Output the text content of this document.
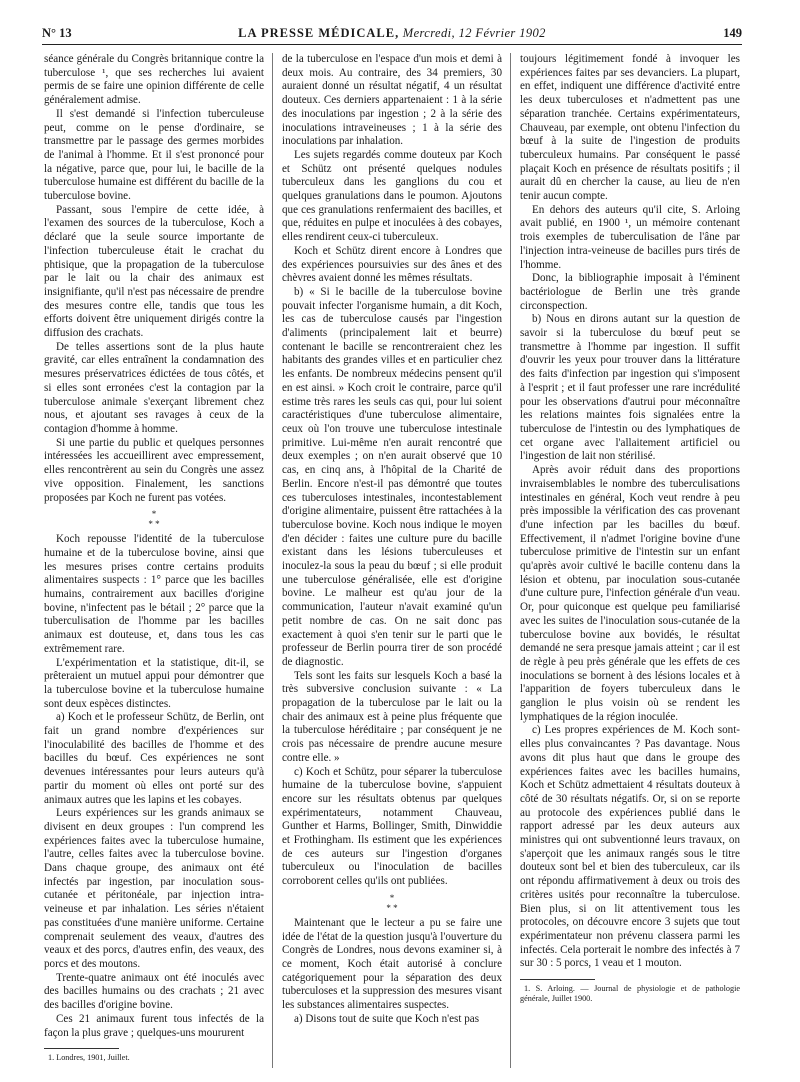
N° 13	LA PRESSE MÉDICALE, Mercredi, 12 Février 1902	149

séance générale du Congrès britannique contre la tuberculose ¹, que ses recherches lui avaient permis de se faire une opinion différente de celle généralement admise.

Il s'est demandé si l'infection tuberculeuse peut, comme on le pense d'ordinaire, se transmettre par le passage des germes morbides de l'animal à l'homme. Et il s'est prononcé pour la négative, parce que, pour lui, le bacille de la tuberculose humaine est différent du bacille de la tuberculose bovine.

Passant, sous l'empire de cette idée, à l'examen des sources de la tuberculose, Koch a déclaré que la seule source importante de l'infection tuberculeuse était le crachat du phtisique, que la propagation de la tuberculose par le lait ou la chair des animaux est insignifiante, qu'il n'est pas nécessaire de prendre des mesures contre elle, tandis que tous les efforts doivent être uniquement dirigés contre la diffusion des crachats.

De telles assertions sont de la plus haute gravité, car elles entraînent la condamnation des mesures préservatrices édictées de tous côtés, et si elles sont erronées c'est la contagion par la tuberculose animale s'exerçant librement chez nous, et ajoutant ses ravages à ceux de la contagion d'homme à homme.

Si une partie du public et quelques personnes intéressées les accueillirent avec empressement, elles rencontrèrent au sein du Congrès une assez vive opposition. Finalement, les sanctions proposées par Koch ne furent pas votées.

*
* *

Koch repousse l'identité de la tuberculose humaine et de la tuberculose bovine, ainsi que les mesures prises contre certains produits alimentaires suspects : 1° parce que les bacilles humains, contrairement aux bacilles d'origine bovine, n'infectent pas le bétail ; 2° parce que la tuberculisation de l'homme par les bacilles animaux est douteuse, et, dans tous les cas extrêmement rare.

L'expérimentation et la statistique, dit-il, se prêteraient un mutuel appui pour démontrer que la tuberculose bovine et la tuberculose humaine sont deux espèces distinctes.

a) Koch et le professeur Schütz, de Berlin, ont fait un grand nombre d'expériences sur l'inoculabilité des bacilles de l'homme et des bacilles du bœuf. Ces expériences ne sont devenues intéressantes pour leurs auteurs qu'à partir du moment où elles ont porté sur des animaux autres que les lapins et les cobayes.

Leurs expériences sur les grands animaux se divisent en deux groupes : l'un comprend les expériences faites avec la tuberculose humaine, l'autre, celles faites avec la tuberculose bovine. Dans chaque groupe, des animaux ont été infectés par ingestion, par inoculation sous-cutanée et péritonéale, par injection intra-veineuse et par inhalation. Les séries n'étaient pas constituées d'une manière uniforme. Certaine comprenait seulement des veaux, d'autres des veaux et des porcs, d'autres enfin, des veaux, des porcs et des moutons.

Trente-quatre animaux ont été inoculés avec des bacilles humains ou des crachats ; 21 avec des bacilles d'origine bovine.

Ces 21 animaux furent tous infectés de la façon la plus grave ; quelques-uns moururent

1. Londres, 1901, Juillet.

de la tuberculose en l'espace d'un mois et demi à deux mois. Au contraire, des 34 premiers, 30 auraient donné un résultat négatif, 4 un résultat douteux. Ces derniers appartenaient : 1 à la série des inoculations par ingestion ; 2 à la série des inoculations intraveineuses ; 1 à la série des inoculations par inhalation.

Les sujets regardés comme douteux par Koch et Schütz ont présenté quelques nodules tuberculeux dans les ganglions du cou et quelques granulations dans le poumon. Ajoutons que ces granulations renfermaient des bacilles, et que, réduites en pulpe et inoculées à des cobayes, elles rendirent ceux-ci tuberculeux.

Koch et Schütz dirent encore à Londres que des expériences poursuivies sur des ânes et des chèvres avaient donné les mêmes résultats.

b) « Si le bacille de la tuberculose bovine pouvait infecter l'organisme humain, a dit Koch, les cas de tuberculose causés par l'ingestion d'aliments (principalement lait et beurre) contenant le bacille se rencontreraient chez les habitants des grandes villes et en particulier chez les enfants. De nombreux médecins pensent qu'il en est ainsi. » Koch croit le contraire, parce qu'il estime très rares les seuls cas qui, pour lui soient caractéristiques d'une tuberculose alimentaire, ceux où l'on trouve une tuberculose intestinale primitive. Lui-même n'en aurait rencontré que deux exemples ; on n'en aurait observé que 10 cas, en cinq ans, à l'hôpital de la Charité de Berlin. Encore n'est-il pas démontré que toutes ces tuberculoses intestinales, incontestablement d'origine alimentaire, puissent être rattachées à la tuberculose bovine. Koch nous indique le moyen d'en décider : faites une culture pure du bacille existant dans les lésions tuberculeuses et inoculez-la sous la peau du bœuf ; si elle produit une tuberculose généralisée, elle est d'origine bovine. Le malheur est qu'au jour de la communication, l'auteur n'avait examiné qu'un petit nombre de cas. On ne sait donc pas exactement à quoi s'en tenir sur le parti que le professeur de Berlin pourra tirer de son procédé de diagnostic.

Tels sont les faits sur lesquels Koch a basé la très subversive conclusion suivante : « La propagation de la tuberculose par le lait ou la chair des animaux est à peine plus fréquente que la tuberculose héréditaire ; par conséquent je ne crois pas nécessaire de prendre aucune mesure contre elle. »

c) Koch et Schütz, pour séparer la tuberculose humaine de la tuberculose bovine, s'appuient encore sur les résultats obtenus par quelques expérimentateurs, notamment Chauveau, Gunther et Harms, Bollinger, Smith, Dinwiddie et Frothingham. Ils estiment que les expériences de ces auteurs sur l'ingestion d'organes tuberculeux ou l'inoculation de bacilles corroborent celles qu'ils ont publiées.

*
* *

Maintenant que le lecteur a pu se faire une idée de l'état de la question jusqu'à l'ouverture du Congrès de Londres, nous devons examiner si, à ce moment, Koch était autorisé à conclure catégoriquement pour la séparation des deux tuberculoses et la suppression des mesures visant les substances alimentaires suspectes.

a) Disons tout de suite que Koch n'est pas

toujours légitimement fondé à invoquer les expériences faites par ses devanciers. La plupart, en effet, indiquent une différence d'activité entre les deux tuberculoses et n'admettent pas une séparation tranchée. Certains expérimentateurs, Chauveau, par exemple, ont obtenu l'infection du bœuf à la suite de l'ingestion de produits tuberculeux humains. Par conséquent le passé plaçait Koch en présence de résultats positifs ; il aurait dû en chercher la cause, au lieu de n'en tenir aucun compte.

En dehors des auteurs qu'il cite, S. Arloing avait publié, en 1900 ¹, un mémoire contenant trois exemples de tuberculisation de l'âne par l'injection intra-veineuse de bacilles purs tirés de l'homme.

Donc, la bibliographie imposait à l'éminent bactériologue de Berlin une très grande circonspection.

b) Nous en dirons autant sur la question de savoir si la tuberculose du bœuf peut se transmettre à l'homme par ingestion. Il suffit d'ouvrir les yeux pour trouver dans la littérature des faits d'infection par ingestion qui s'imposent à l'esprit ; et il faut professer une rare incrédulité pour les observations d'autrui pour méconnaître les relations maintes fois signalées entre la tuberculose de l'intestin ou des lymphatiques de cet organe avec l'allaitement artificiel ou l'ingestion de lait non stérilisé.

Après avoir réduit dans des proportions invraisemblables le nombre des tuberculisations intestinales en général, Koch veut rendre à peu près impossible la vérification des cas provenant d'une infection par les bacilles du bœuf. Effectivement, il n'admet l'origine bovine d'une tuberculose primitive de l'intestin sur un enfant qu'après avoir cultivé le bacille contenu dans la lésion et obtenu, par inoculation sous-cutanée d'une culture pure, l'infection générale d'un veau. Or, pour quiconque est quelque peu familiarisé avec les suites de l'inoculation sous-cutanée de la tuberculose bovine aux bovidés, le résultat demandé ne sera presque jamais atteint ; car il est de règle à peu près générale que les effets de ces inoculations se bornent à des lésions locales et à l'apparition de foyers tuberculeux dans le ganglion le plus voisin où se rendent les lymphatiques de la région inoculée.

c) Les propres expériences de M. Koch sont-elles plus convaincantes ? Pas davantage. Nous avons dit plus haut que dans le groupe des expériences faites avec les bacilles humains, Koch et Schütz admettaient 4 résultats douteux à côté de 30 résultats négatifs. Or, si on se reporte au protocole des expériences publié dans le rapport adressé par les deux auteurs aux ministres qui ont subventionné leurs travaux, on s'aperçoit que les animaux rangés sous le titre douteux sont bel et bien des tuberculeux, car ils ont répondu affirmativement à deux ou trois des critères usités pour reconnaître la tuberculose. Bien plus, si on lit attentivement tous les protocoles, on découvre encore 3 sujets que tout expérimentateur non prévenu classera parmi les infectés. Cela porterait le nombre des infectés à 7 sur 30 : 5 porcs, 1 veau et 1 mouton.

1. S. Arloing. — Journal de physiologie et de pathologie générale, Juillet 1900.
